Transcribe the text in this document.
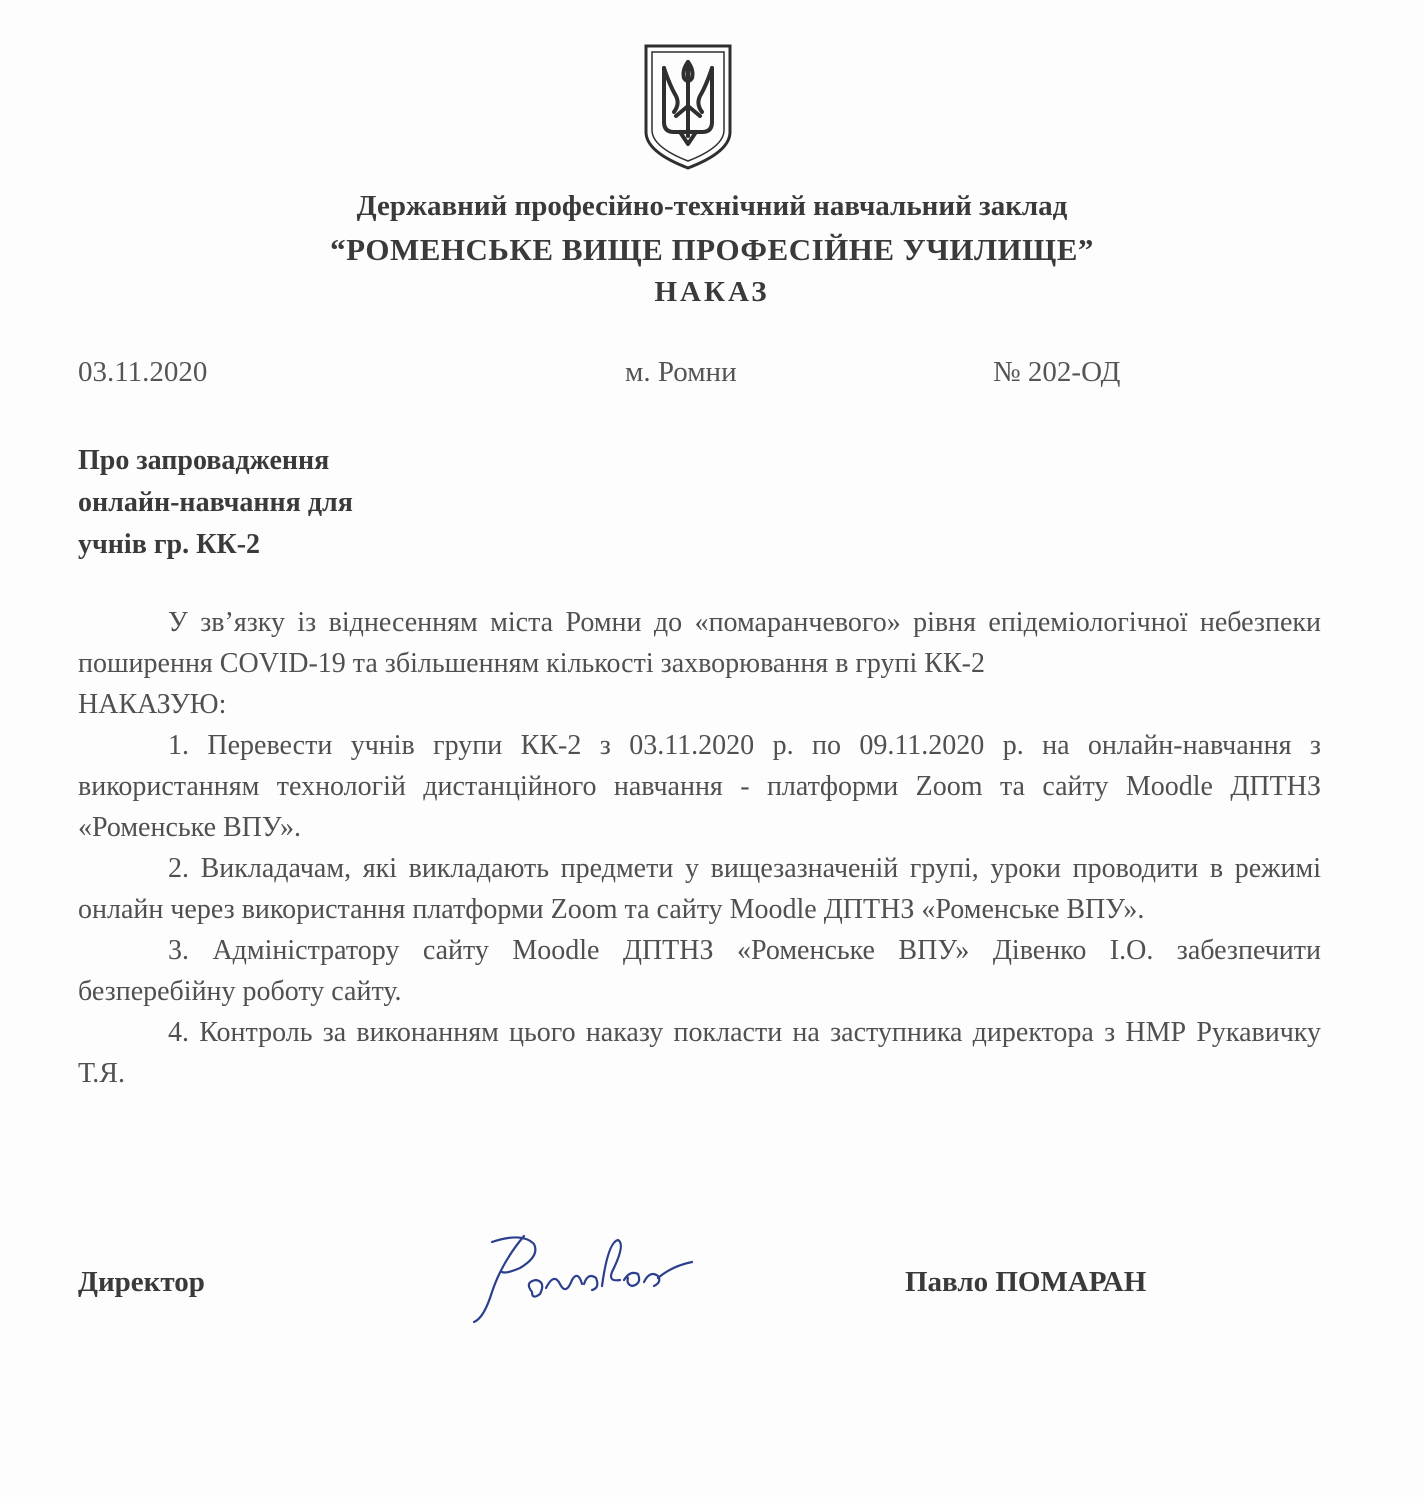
Державний професійно-технічний навчальний заклад
“РОМЕНСЬКЕ ВИЩЕ ПРОФЕСІЙНЕ УЧИЛИЩЕ”
НАКАЗ
03.11.2020	м. Ромни	№ 202-ОД
Про запровадження
онлайн-навчання для
учнів гр. КК-2

У зв’язку із віднесенням міста Ромни до «помаранчевого» рівня епідеміологічної небезпеки поширення COVID-19 та збільшенням кількості захворювання в групі КК-2

НАКАЗУЮ:

1. Перевести учнів групи КК-2 з 03.11.2020 р. по 09.11.2020 р. на онлайн-навчання з використанням технологій дистанційного навчання - платформи Zoom та сайту Moodle ДПТНЗ «Роменське ВПУ».

2. Викладачам, які викладають предмети у вищезазначеній групі, уроки проводити в режимі онлайн через використання платформи Zoom та сайту Moodle ДПТНЗ «Роменське ВПУ».

3. Адміністратору сайту Moodle ДПТНЗ «Роменське ВПУ» Дівенко І.О. забезпечити безперебійну роботу сайту.

4. Контроль за виконанням цього наказу покласти на заступника директора з НМР Рукавичку Т.Я.

Директор	Павло ПОМАРАН
